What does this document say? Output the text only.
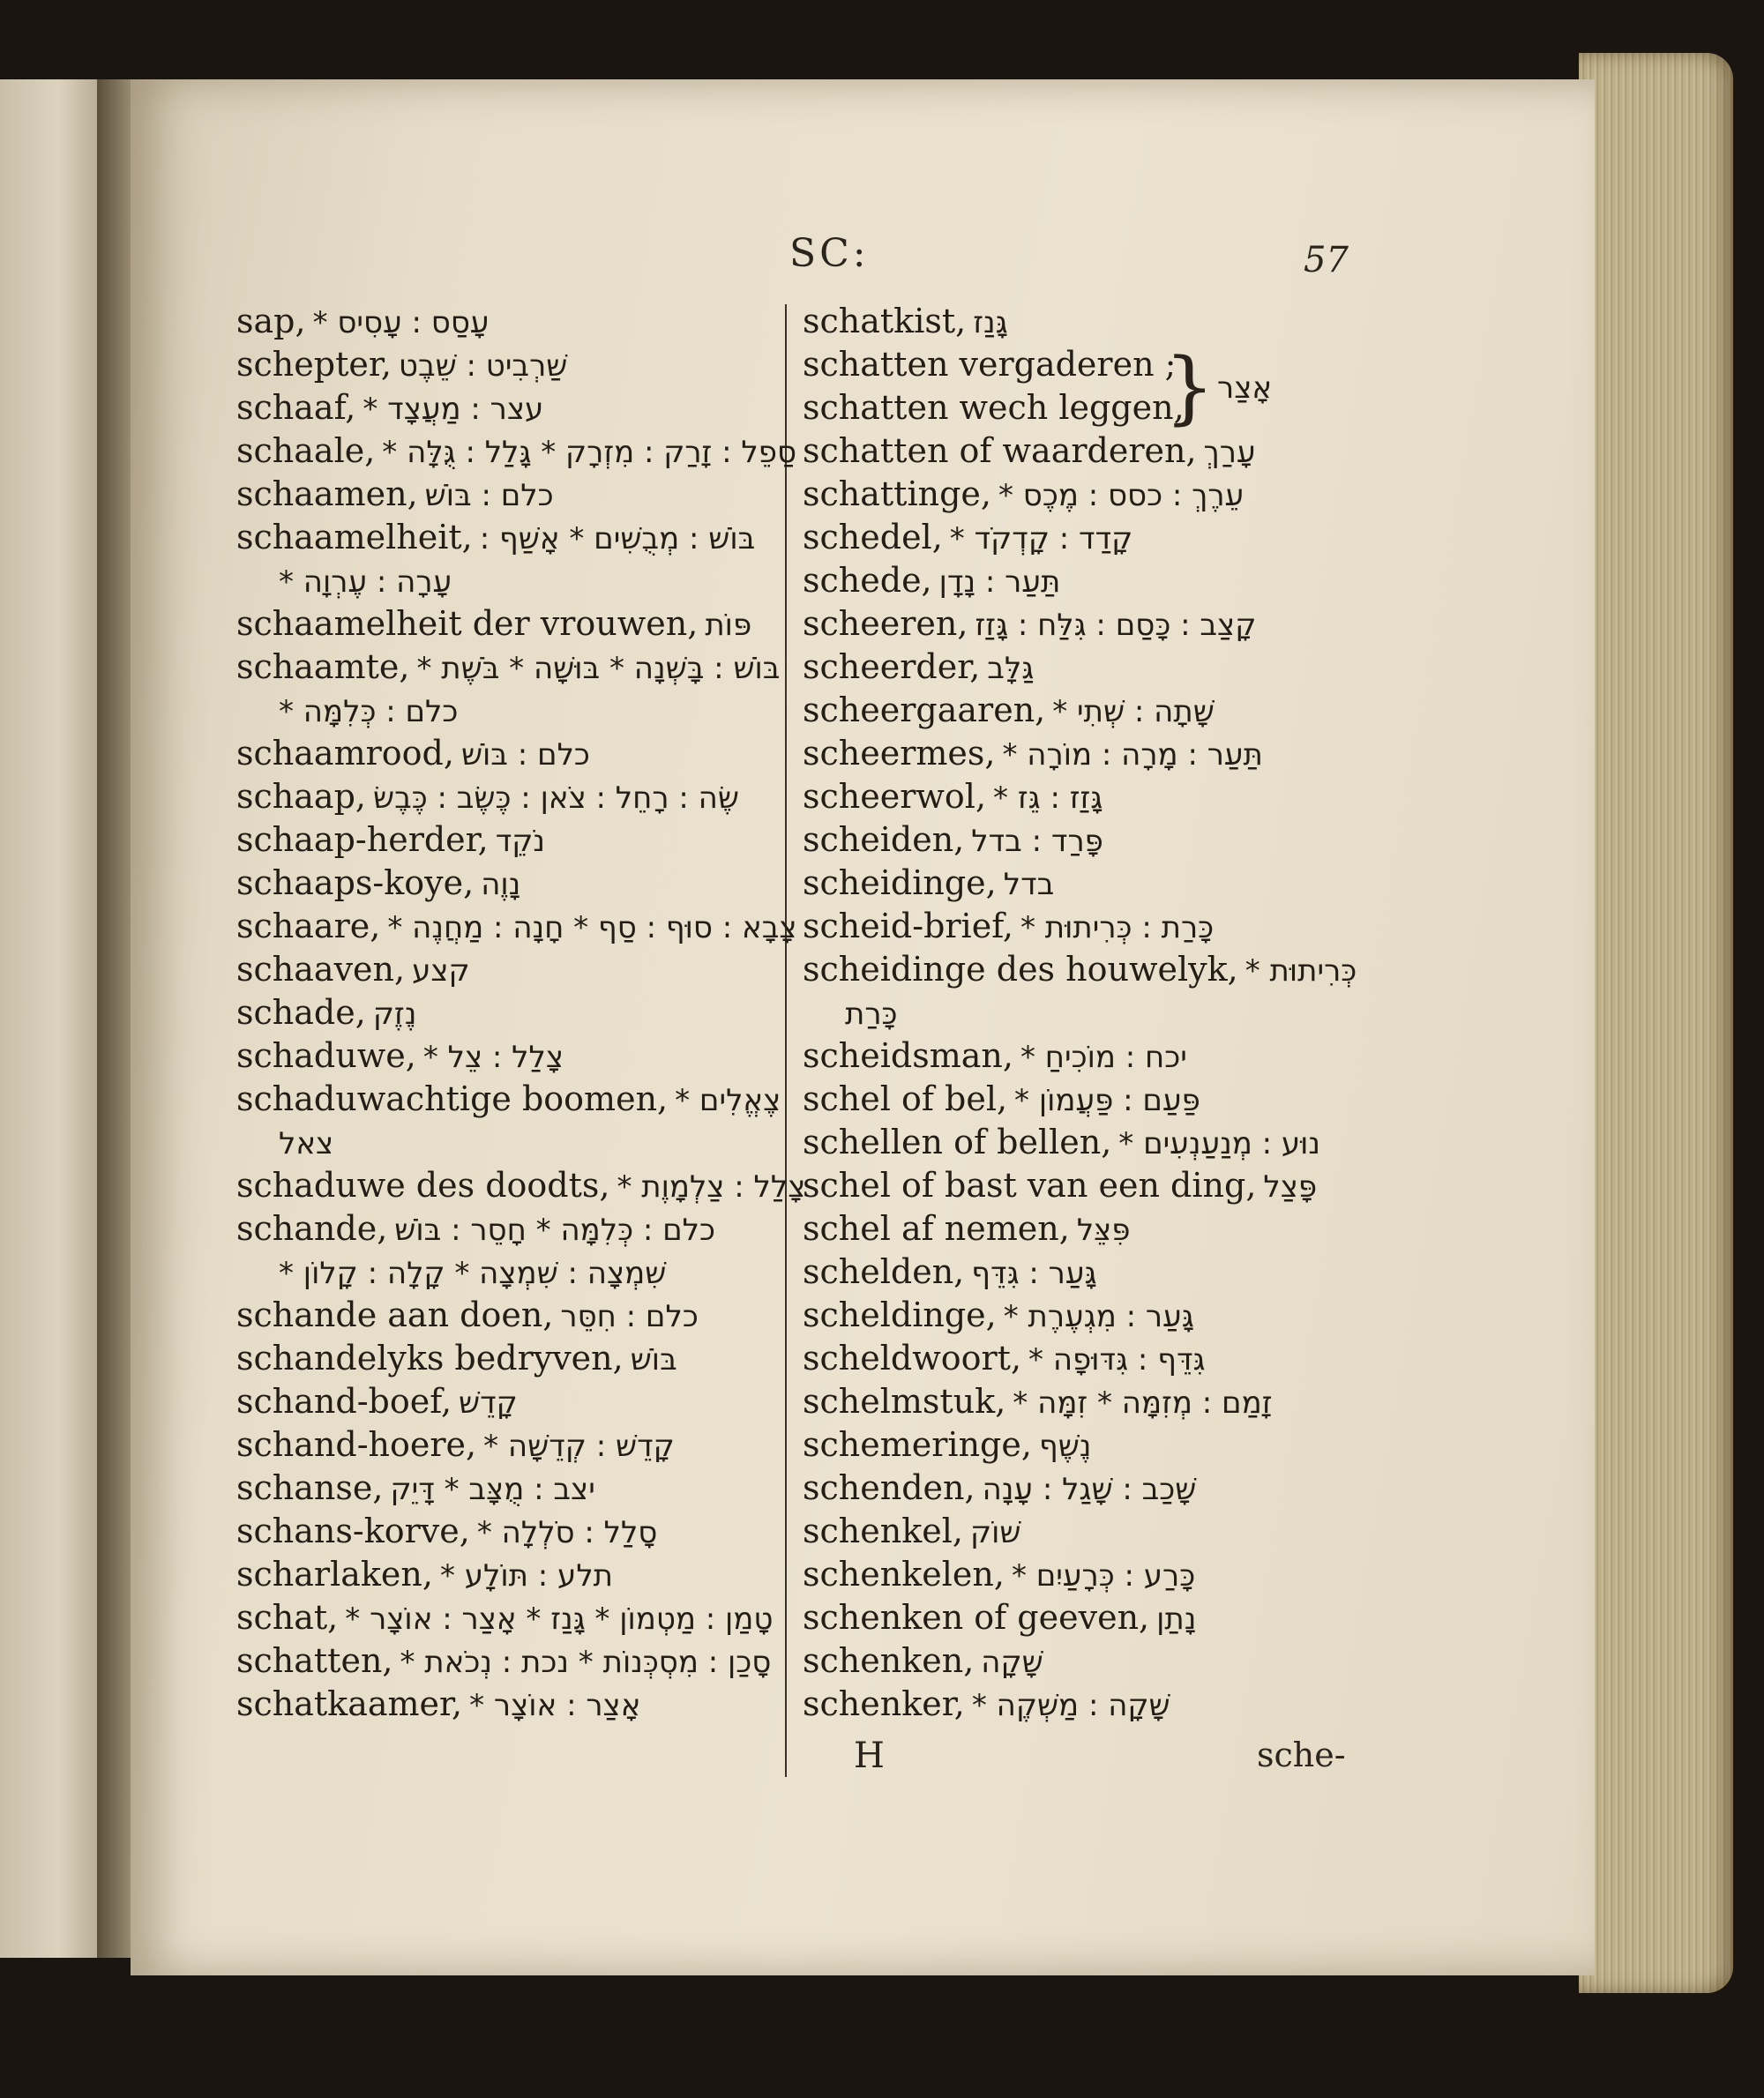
SC:	57
sap, עָסַס : עָסִיס *
schepter, שַׁרְבִיט : שֵׁבֶט
schaaf, עצר : מַעֲצָד *
schaale, סַפֵל : זָרַק : מִזְרָק * גָּלַל : גֻּלָּה *
schaamen, כלם : בּוֹשׁ
schaamelheit, בּוֹשׁ : מְבֻשִׁים * אָשַׁף :
עָרָה : עֶרְוָה *
schaamelheit der vrouwen, פּוֹת
schaamte, בּוֹשׁ : בָּשְׁנָה * בּוּשָׁה * בֹּשֶׁת *
כלם : כְּלִמָּה *
schaamrood, כלם : בּוֹשׁ
schaap, שֶׂה : רָחֵל : צֹאן : כֶּשֶׂב : כֶּבֶשׂ
schaap-herder, נֹקֵד
schaaps-koye, נָוֶה
schaare, צָבָא : סוּף : סַף * חָנָה : מַחֲנֶה *
schaaven, קצע
schade, נֶזֶק
schaduwe, צָלַל : צֵל *
schaduwachtige boomen, צֶאֱלִים *
צאל
schaduwe des doodts, צָלַל : צַלְמָוֶת *
schande, כלם : כְּלִמָּה * חָסֵר : בּוֹשׁ
שִׁמְצָה : שִׁמְצָה * קָלָה : קָלוֹן *
schande aan doen, כלם : חִסֵּר
schandelyks bedryven, בּוֹשׁ
schand-boef, קָדֵשׁ
schand-hoere, קָדֵשׁ : קְדֵשָׁה *
schanse, יצב : מֻצָּב * דָּיֵק
schans-korve, סָלַל : סֹלְלָה *
scharlaken, תלע : תּוֹלָע *
schat, טָמַן : מַטְמוֹן * גָּנַז * אָצַר : אוֹצָר *
schatten, סָכַן : מִסְכְּנוֹת * נכת : נְכֹאת *
schatkaamer, אָצַר : אוֹצָר *
schatkist, גָּנַז
schatten vergaderen ;
schatten wech leggen,
schatten of waarderen, עָרַךְ
schattinge, עֵרֶךְ : כסס : מֶכֶס *
schedel, קָדַד : קָדְקֹד *
schede, תַּעַר : נָדָן
scheeren, קָצַב : כָּסַם : גִּלַּח : גָּזַז
scheerder, גַּלָּב
scheergaaren, שָׁתָה : שְׁתִי *
scheermes, תַּעַר : מָרָה : מוֹרָה *
scheerwol, גָּזַז : גֵּז *
scheiden, פָּרַד : בדל
scheidinge, בדל
scheid-brief, כָּרַת : כְּרִיתוּת *
scheidinge des houwelyk, כְּרִיתוּת *
כָּרַת
scheidsman, יכח : מוֹכִיחַ *
schel of bel, פַּעַם : פַּעֲמוֹן *
schellen of bellen, נוּע : מְנַעַנְעִים *
schel of bast van een ding, פָּצַל
schel af nemen, פִּצֵּל
schelden, גָּעַר : גִּדֵּף
scheldinge, גָּעַר : מִגְעֶרֶת *
scheldwoort, גִּדֵּף : גִּדּוּפָה *
schelmstuk, זָמַם : מְזִמָּה * זִמָּה *
schemeringe, נֶשֶׁף
schenden, שָׁכַב : שָׁגַל : עָנָה
schenkel, שׁוֹק
schenkelen, כָּרַע : כְּרָעַיִם *
schenken of geeven, נָתַן
schenken, שָׁקָה
schenker, שָׁקָה : מַשְׁקֶה *
} אָצַר
H	sche-
